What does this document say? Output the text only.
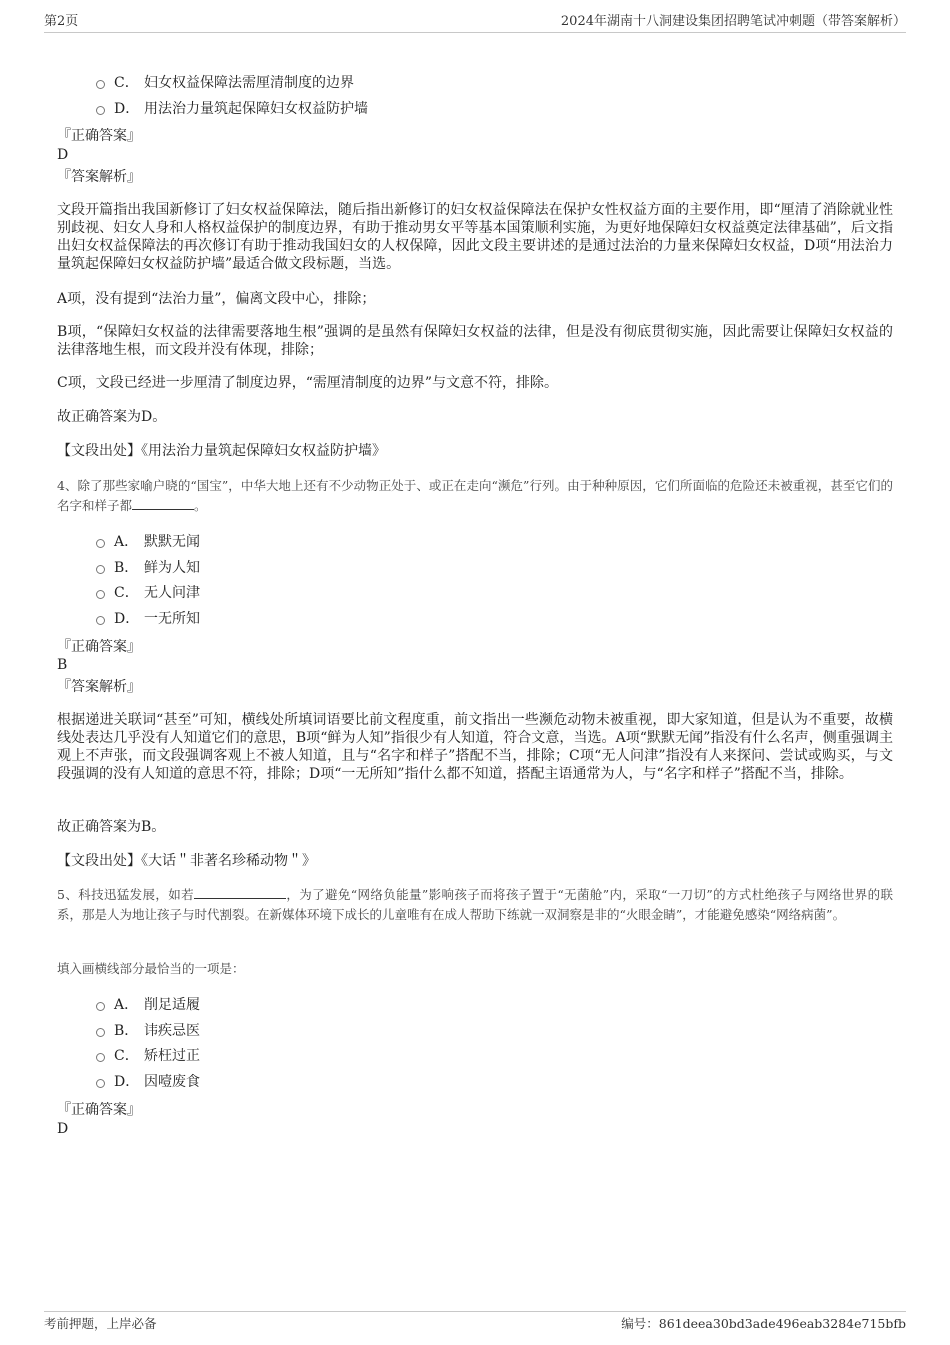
第2页	2024年湖南十八洞建设集团招聘笔试冲刺题（带答案解析）
C． 妇女权益保障法需厘清制度的边界
D． 用法治力量筑起保障妇女权益防护墙
『正确答案』
D
『答案解析』
文段开篇指出我国新修订了妇女权益保障法，随后指出新修订的妇女权益保障法在保护女性权益方面的主要作用，即“厘清了消除就业性别歧视、妇女人身和人格权益保护的制度边界，有助于推动男女平等基本国策顺利实施，为更好地保障妇女权益奠定法律基础”，后文指出妇女权益保障法的再次修订有助于推动我国妇女的人权保障，因此文段主要讲述的是通过法治的力量来保障妇女权益，D项“用法治力量筑起保障妇女权益防护墙”最适合做文段标题，当选。
A项，没有提到“法治力量”，偏离文段中心，排除；
B项，“保障妇女权益的法律需要落地生根”强调的是虽然有保障妇女权益的法律，但是没有彻底贯彻实施，因此需要让保障妇女权益的法律落地生根，而文段并没有体现，排除；
C项，文段已经进一步厘清了制度边界，“需厘清制度的边界”与文意不符，排除。
故正确答案为D。
【文段出处】《用法治力量筑起保障妇女权益防护墙》
4、除了那些家喻户晓的“国宝”，中华大地上还有不少动物正处于、或正在走向“濒危”行列。由于种种原因，它们所面临的危险还未被重视，甚至它们的名字和样子都	。
A． 默默无闻
B． 鲜为人知
C． 无人问津
D． 一无所知
『正确答案』
B
『答案解析』
根据递进关联词“甚至”可知，横线处所填词语要比前文程度重，前文指出一些濒危动物未被重视，即大家知道，但是认为不重要，故横线处表达几乎没有人知道它们的意思，B项“鲜为人知”指很少有人知道，符合文意，当选。A项“默默无闻”指没有什么名声，侧重强调主观上不声张，而文段强调客观上不被人知道，且与“名字和样子”搭配不当，排除；C项“无人问津”指没有人来探问、尝试或购买，与文段强调的没有人知道的意思不符，排除；D项“一无所知”指什么都不知道，搭配主语通常为人，与“名字和样子”搭配不当，排除。
故正确答案为B。
【文段出处】《大话＂非著名珍稀动物＂》
5、科技迅猛发展，如若	，为了避免“网络负能量”影响孩子而将孩子置于“无菌舱”内，采取“一刀切”的方式杜绝孩子与网络世界的联系，那是人为地让孩子与时代割裂。在新媒体环境下成长的儿童唯有在成人帮助下练就一双洞察是非的“火眼金睛”，才能避免感染“网络病菌”。
填入画横线部分最恰当的一项是：
A． 削足适履
B． 讳疾忌医
C． 矫枉过正
D． 因噎废食
『正确答案』
D
考前押题，上岸必备	编号：861deea30bd3ade496eab3284e715bfb
